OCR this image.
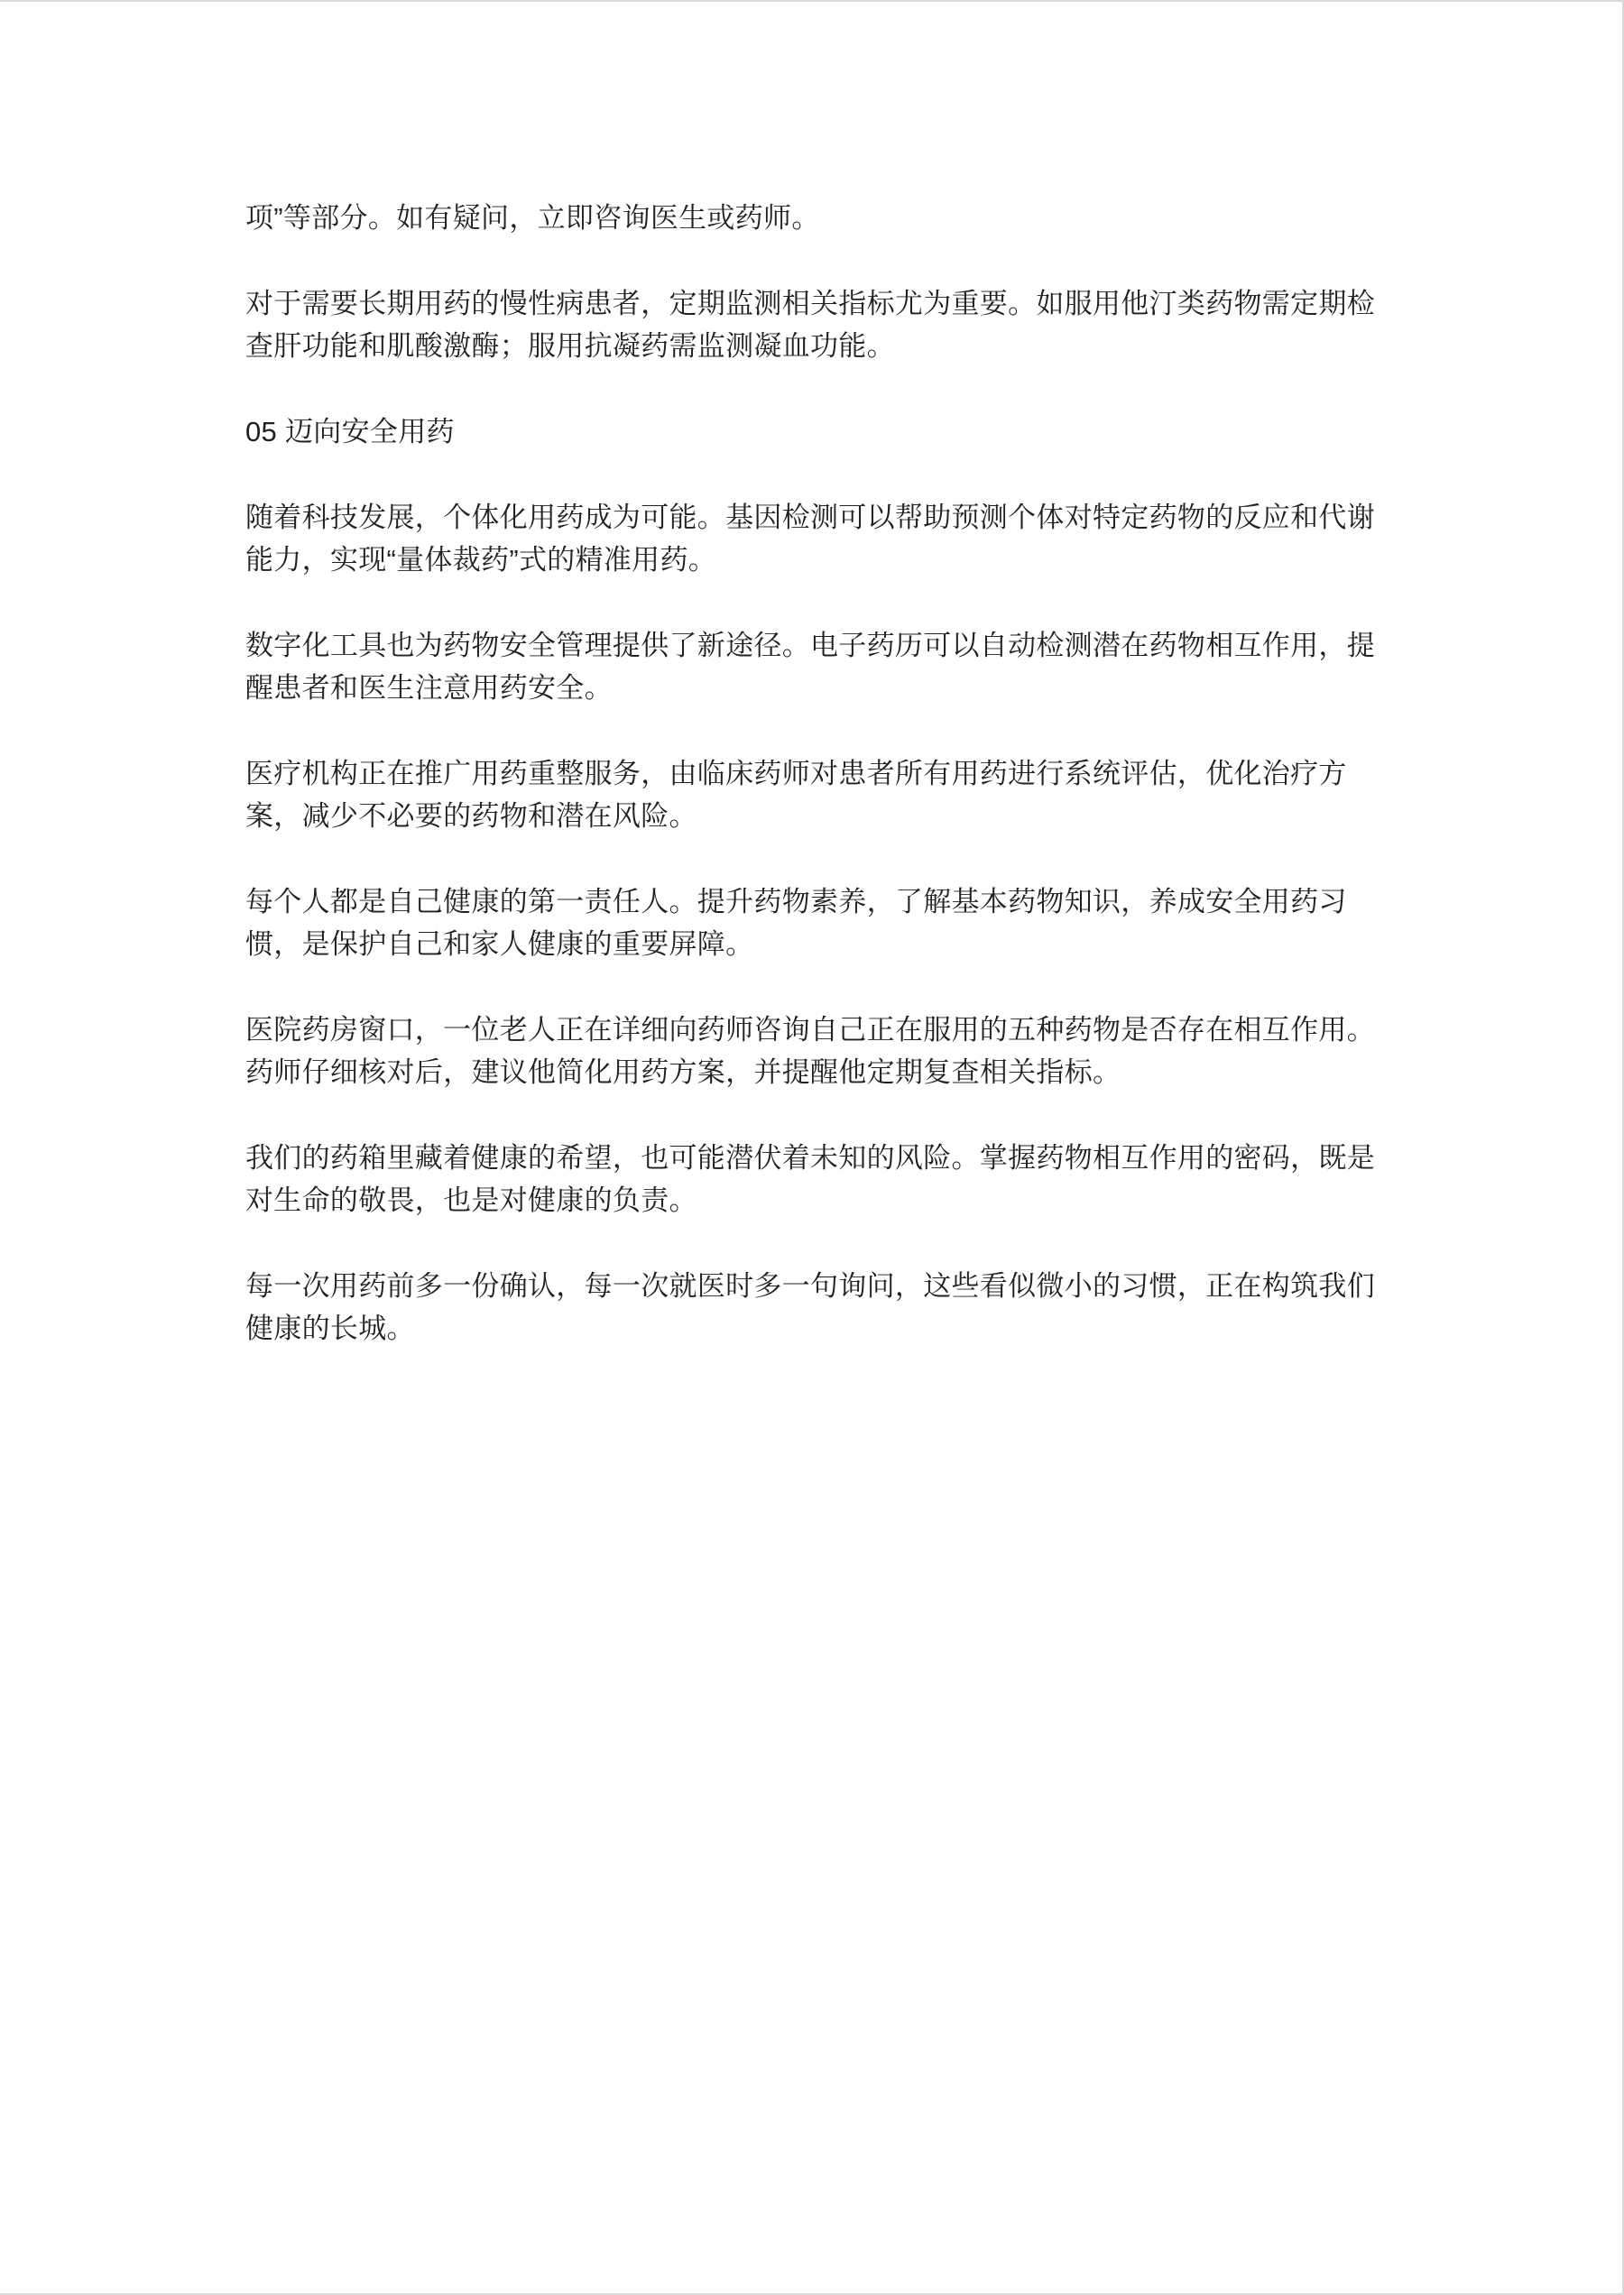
项”等部分。如有疑问，立即咨询医生或药师。

对于需要长期用药的慢性病患者，定期监测相关指标尤为重要。如服用他汀类药物需定期检查肝功能和肌酸激酶；服用抗凝药需监测凝血功能。

05 迈向安全用药

随着科技发展，个体化用药成为可能。基因检测可以帮助预测个体对特定药物的反应和代谢能力，实现“量体裁药”式的精准用药。

数字化工具也为药物安全管理提供了新途径。电子药历可以自动检测潜在药物相互作用，提醒患者和医生注意用药安全。

医疗机构正在推广用药重整服务，由临床药师对患者所有用药进行系统评估，优化治疗方案，减少不必要的药物和潜在风险。

每个人都是自己健康的第一责任人。提升药物素养，了解基本药物知识，养成安全用药习惯，是保护自己和家人健康的重要屏障。

医院药房窗口，一位老人正在详细向药师咨询自己正在服用的五种药物是否存在相互作用。药师仔细核对后，建议他简化用药方案，并提醒他定期复查相关指标。

我们的药箱里藏着健康的希望，也可能潜伏着未知的风险。掌握药物相互作用的密码，既是对生命的敬畏，也是对健康的负责。

每一次用药前多一份确认，每一次就医时多一句询问，这些看似微小的习惯，正在构筑我们健康的长城。
